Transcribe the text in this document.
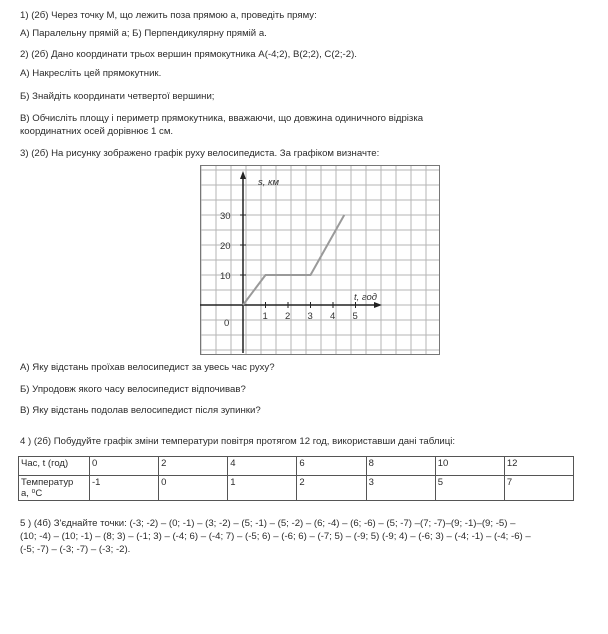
1) (2б) Через точку М, що лежить поза прямою a, проведіть пряму:
А) Паралельну прямій a; Б) Перпендикулярну прямій a.
2) (2б) Дано координати трьох вершин прямокутника А(-4;2), В(2;2), С(2;-2).
А) Накресліть цей прямокутник.
Б) Знайдіть координати четвертої вершини;
В) Обчисліть площу і периметр прямокутника, вважаючи, що довжина одиничного відрізка
координатних осей дорівнює 1 см.
3) (2б) На рисунку зображено графік руху велосипедиста. За графіком визначте:
s, км
t, год
0
30
20
10
1 2 3 4 5
А) Яку відстань проїхав велосипедист за увесь час руху?
Б) Упродовж якого часу велосипедист відпочивав?
В) Яку відстань подолав велосипедист після зупинки?
4 ) (2б) Побудуйте графік зміни температури повітря протягом 12 год, використавши дані таблиці:
Час, t (год)	0	2	4	6	8	10	12
Температур
а, ⁰С	-1	0	1	2	3	5	7
5 ) (4б) З'єднайте точки: (-3; -2) – (0; -1) – (3; -2) – (5; -1) – (5; -2) – (6; -4) – (6; -6) – (5; -7) –(7; -7)–(9; -1)–(9; -5) –
(10; -4) – (10; -1) – (8; 3) – (-1; 3) – (-4; 6) – (-4; 7) – (-5; 6) – (-6; 6) – (-7; 5) – (-9; 5) (-9; 4) – (-6; 3) – (-4; -1) – (-4; -6) –
(-5; -7) – (-3; -7) – (-3; -2).
